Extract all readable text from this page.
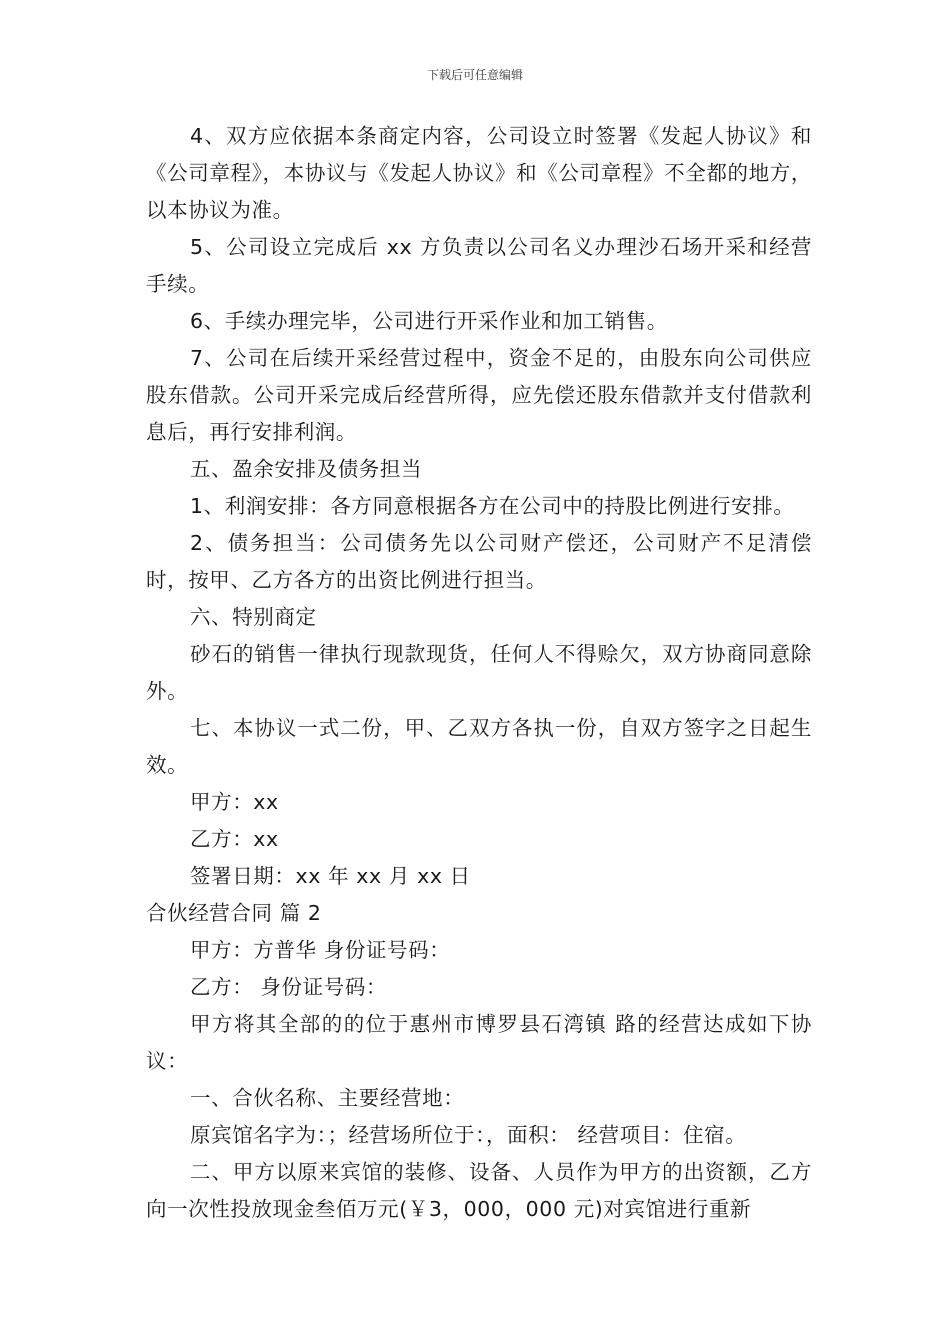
下载后可任意编辑

4、双方应依据本条商定内容，公司设立时签署《发起人协议》和《公司章程》，本协议与《发起人协议》和《公司章程》不全都的地方，以本协议为准。

5、公司设立完成后 xx 方负责以公司名义办理沙石场开采和经营手续。

6、手续办理完毕，公司进行开采作业和加工销售。

7、公司在后续开采经营过程中，资金不足的，由股东向公司供应股东借款。公司开采完成后经营所得，应先偿还股东借款并支付借款利息后，再行安排利润。

五、盈余安排及债务担当

1、利润安排：各方同意根据各方在公司中的持股比例进行安排。

2、债务担当：公司债务先以公司财产偿还，公司财产不足清偿时，按甲、乙方各方的出资比例进行担当。

六、特别商定

砂石的销售一律执行现款现货，任何人不得赊欠，双方协商同意除外。

七、本协议一式二份，甲、乙双方各执一份，自双方签字之日起生效。

甲方：xx

乙方：xx

签署日期：xx 年 xx 月 xx 日

合伙经营合同 篇 2

甲方：方普华 身份证号码：

乙方： 身份证号码：

甲方将其全部的的位于惠州市博罗县石湾镇 路的经营达成如下协议：

一、合伙名称、主要经营地：

原宾馆名字为：；经营场所位于：，面积： 经营项目：住宿。

二、甲方以原来宾馆的装修、设备、人员作为甲方的出资额，乙方向一次性投放现金叁佰万元(￥3，000，000 元)对宾馆进行重新
